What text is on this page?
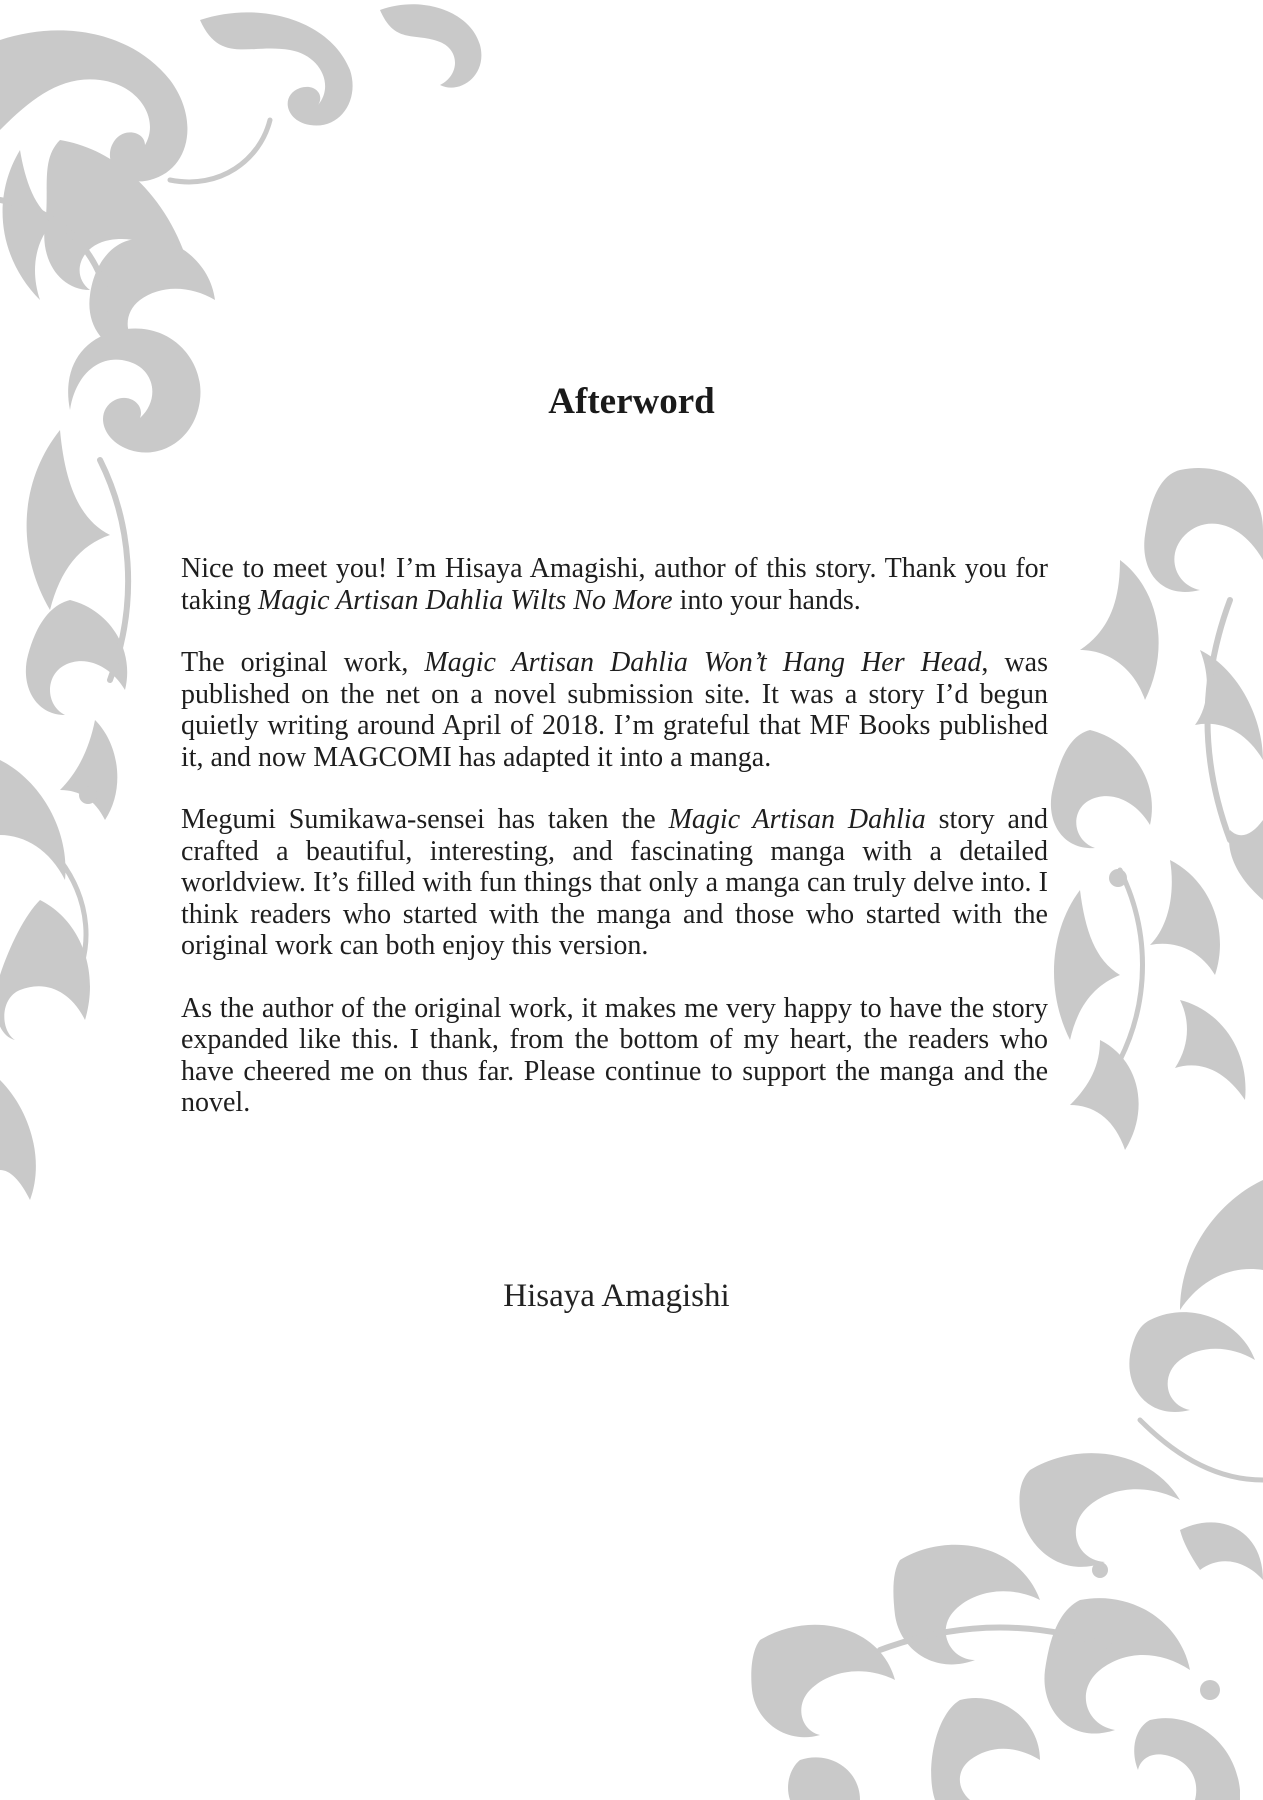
Afterword

Nice to meet you! I’m Hisaya Amagishi, author of this story. Thank you for taking Magic Artisan Dahlia Wilts No More into your hands.

The original work, Magic Artisan Dahlia Won’t Hang Her Head, was published on the net on a novel submission site. It was a story I’d begun quietly writing around April of 2018. I’m grateful that MF Books published it, and now MAGCOMI has adapted it into a manga.

Megumi Sumikawa-sensei has taken the Magic Artisan Dahlia story and crafted a beautiful, interesting, and fascinating manga with a detailed worldview. It’s filled with fun things that only a manga can truly delve into. I think readers who started with the manga and those who started with the original work can both enjoy this version.

As the author of the original work, it makes me very happy to have the story expanded like this. I thank, from the bottom of my heart, the readers who have cheered me on thus far. Please continue to support the manga and the novel.

Hisaya Amagishi
